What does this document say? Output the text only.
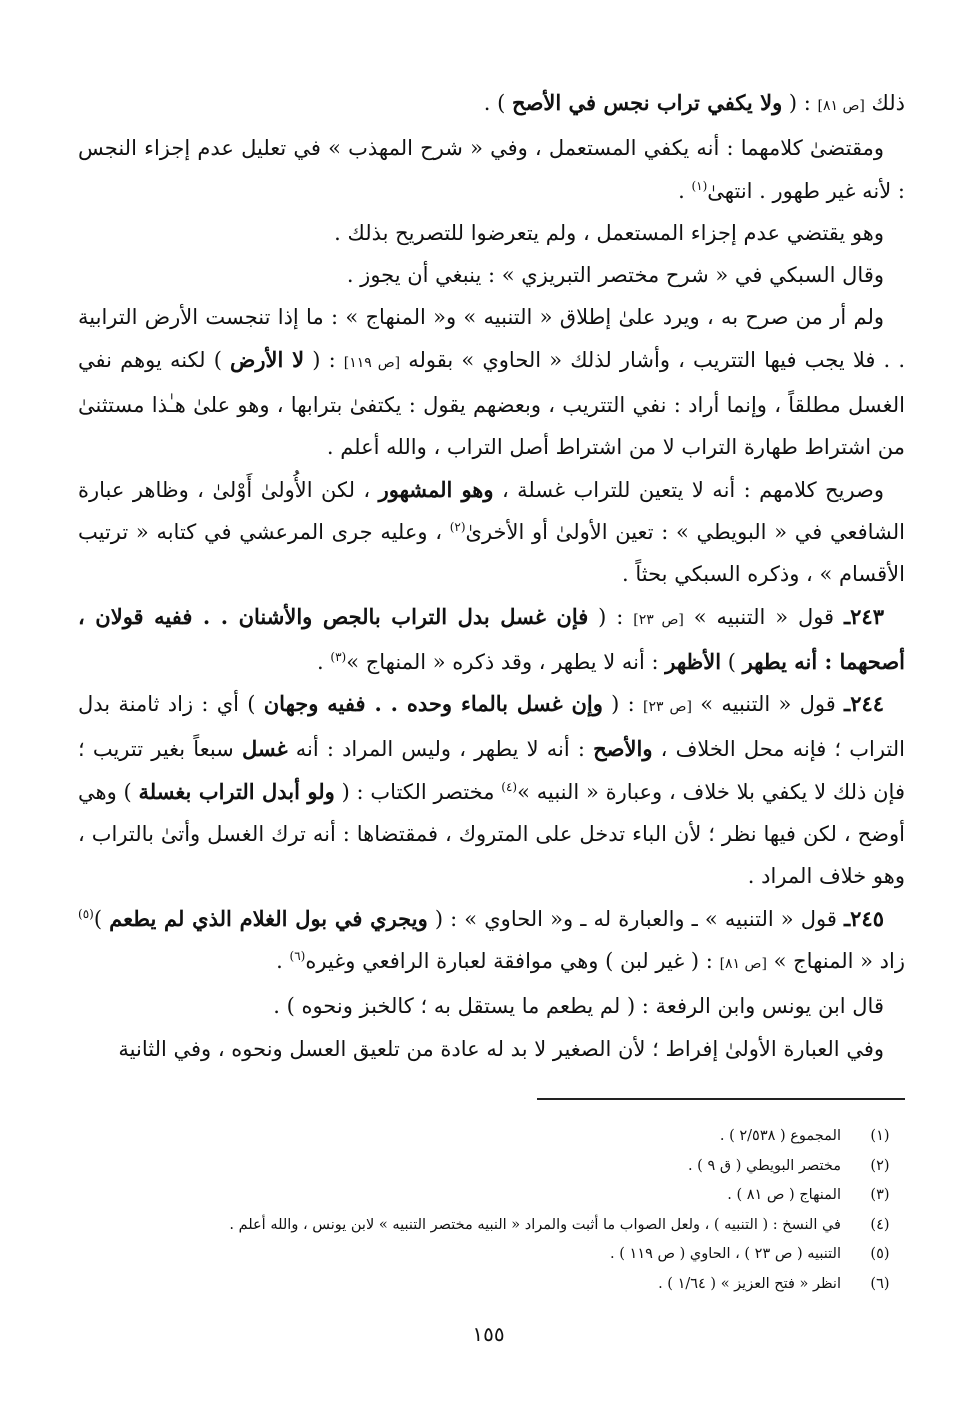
ذلك [ص ٨١] : ( ولا يكفي تراب نجس في الأصح ) .

ومقتضىٰ كلامهما : أنه يكفي المستعمل ، وفي « شرح المهذب » في تعليل عدم إجزاء النجس : لأنه غير طهور . انتهىٰ$^{(١)}$ .

وهو يقتضي عدم إجزاء المستعمل ، ولم يتعرضوا للتصريح بذلك .

وقال السبكي في « شرح مختصر التبريزي » : ينبغي أن يجوز .

ولم أر من صرح به ، ويرد علىٰ إطلاق « التنبيه » و« المنهاج » : ما إذا تنجست الأرض الترابية . . فلا يجب فيها التتريب ، وأشار لذلك « الحاوي » بقوله [ص ١١٩] : ( لا الأرض ) لكنه يوهم نفي الغسل مطلقاً ، وإنما أراد : نفي التتريب ، وبعضهم يقول : يكتفىٰ بترابها ، وهو علىٰ هـٰذا مستثنىٰ من اشتراط طهارة التراب لا من اشتراط أصل التراب ، والله أعلم .

وصريح كلامهم : أنه لا يتعين للتراب غسلة ، وهو المشهور ، لكن الأُولىٰ أَوْلىٰ ، وظاهر عبارة الشافعي في « البويطي » : تعين الأولىٰ أو الأخرىٰ$^{(٢)}$ ، وعليه جرى المرعشي في كتابه « ترتيب الأقسام » ، وذكره السبكي بحثاً .

٢٤٣ـ قول « التنبيه » [ص ٢٣] : ( فإن غسل بدل التراب بالجص والأشنان . . ففيه قولان ، أصحهما : أنه يطهر ) الأظهر : أنه لا يطهر ، وقد ذكره « المنهاج »$^{(٣)}$ .

٢٤٤ـ قول « التنبيه » [ص ٢٣] : ( وإن غسل بالماء وحده . . ففيه وجهان ) أي : زاد ثامنة بدل التراب ؛ فإنه محل الخلاف ، والأصح : أنه لا يطهر ، وليس المراد : أنه غسل سبعاً بغير تتريب ؛ فإن ذلك لا يكفي بلا خلاف ، وعبارة « النبيه »$^{(٤)}$ مختصر الكتاب : ( ولو أبدل التراب بغسلة ) وهي أوضح ، لكن فيها نظر ؛ لأن الباء تدخل على المتروك ، فمقتضاها : أنه ترك الغسل وأتىٰ بالتراب ، وهو خلاف المراد .

٢٤٥ـ قول « التنبيه » ـ والعبارة له ـ و« الحاوي » : ( ويجري في بول الغلام الذي لم يطعم )$^{(٥)}$ زاد « المنهاج » [ص ٨١] : ( غير لبن ) وهي موافقة لعبارة الرافعي وغيره$^{(٦)}$ .

قال ابن يونس وابن الرفعة : ( لم يطعم ما يستقل به ؛ كالخبز ونحوه ) .

وفي العبارة الأولىٰ إفراط ؛ لأن الصغير لا بد له عادة من تلعيق العسل ونحوه ، وفي الثانية

(١)
المجموع ( ٢/٥٣٨ ) .
(٢)
مختصر البويطي ( ق ٩ ) .
(٣)
المنهاج ( ص ٨١ ) .
(٤)
في النسخ : ( التنبيه ) ، ولعل الصواب ما أثبت والمراد « النبيه مختصر التنبيه » لابن يونس ، والله أعلم .
(٥)
التنبيه ( ص ٢٣ ) ، الحاوي ( ص ١١٩ ) .
(٦)
انظر « فتح العزيز » ( ١/٦٤ ) .
١٥٥
